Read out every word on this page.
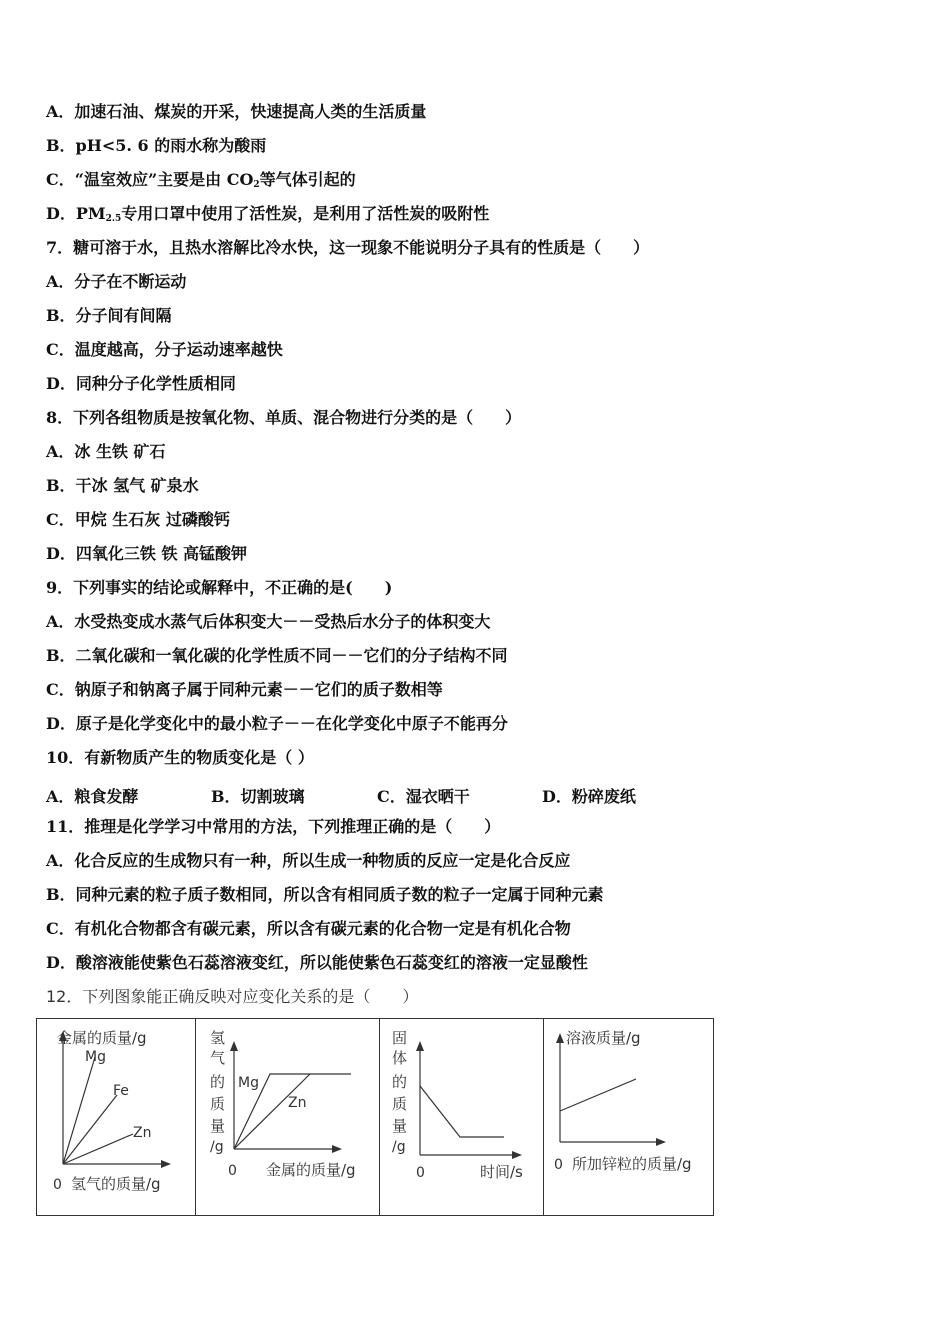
A．加速石油、煤炭的开采，快速提高人类的生活质量
B．pH<5. 6 的雨水称为酸雨
C．“温室效应”主要是由 $CO_2$等气体引起的
D．$PM_{2.5}$专用口罩中使用了活性炭，是利用了活性炭的吸附性
7．糖可溶于水，且热水溶解比冷水快，这一现象不能说明分子具有的性质是（　　）
A．分子在不断运动
B．分子间有间隔
C．温度越高，分子运动速率越快
D．同种分子化学性质相同
8．下列各组物质是按氧化物、单质、混合物进行分类的是（　　）
A．冰 生铁 矿石
B．干冰 氢气 矿泉水
C．甲烷 生石灰 过磷酸钙
D．四氧化三铁 铁 高锰酸钾
9．下列事实的结论或解释中，不正确的是(　　)
A．水受热变成水蒸气后体积变大－－受热后水分子的体积变大
B．二氧化碳和一氧化碳的化学性质不同－－它们的分子结构不同
C．钠原子和钠离子属于同种元素－－它们的质子数相等
D．原子是化学变化中的最小粒子－－在化学变化中原子不能再分
10．有新物质产生的物质变化是（ ）
A．粮食发酵	B．切割玻璃	C．湿衣晒干	D．粉碎废纸
11．推理是化学学习中常用的方法，下列推理正确的是（　　）
A．化合反应的生成物只有一种，所以生成一种物质的反应一定是化合反应
B．同种元素的粒子质子数相同，所以含有相同质子数的粒子一定属于同种元素
C．有机化合物都含有碳元素，所以含有碳元素的化合物一定是有机化合物
D．酸溶液能使紫色石蕊溶液变红，所以能使紫色石蕊变红的溶液一定显酸性
12．下列图象能正确反映对应变化关系的是（　　）
金属的质量/g
Mg
Fe
Zn
0 氢气的质量/g
氢
气
的
质
量
/g
Mg
Zn
0 金属的质量/g
固
体
的
质
量
/g
0	时间/s
溶液质量/g
0 所加锌粒的质量/g
